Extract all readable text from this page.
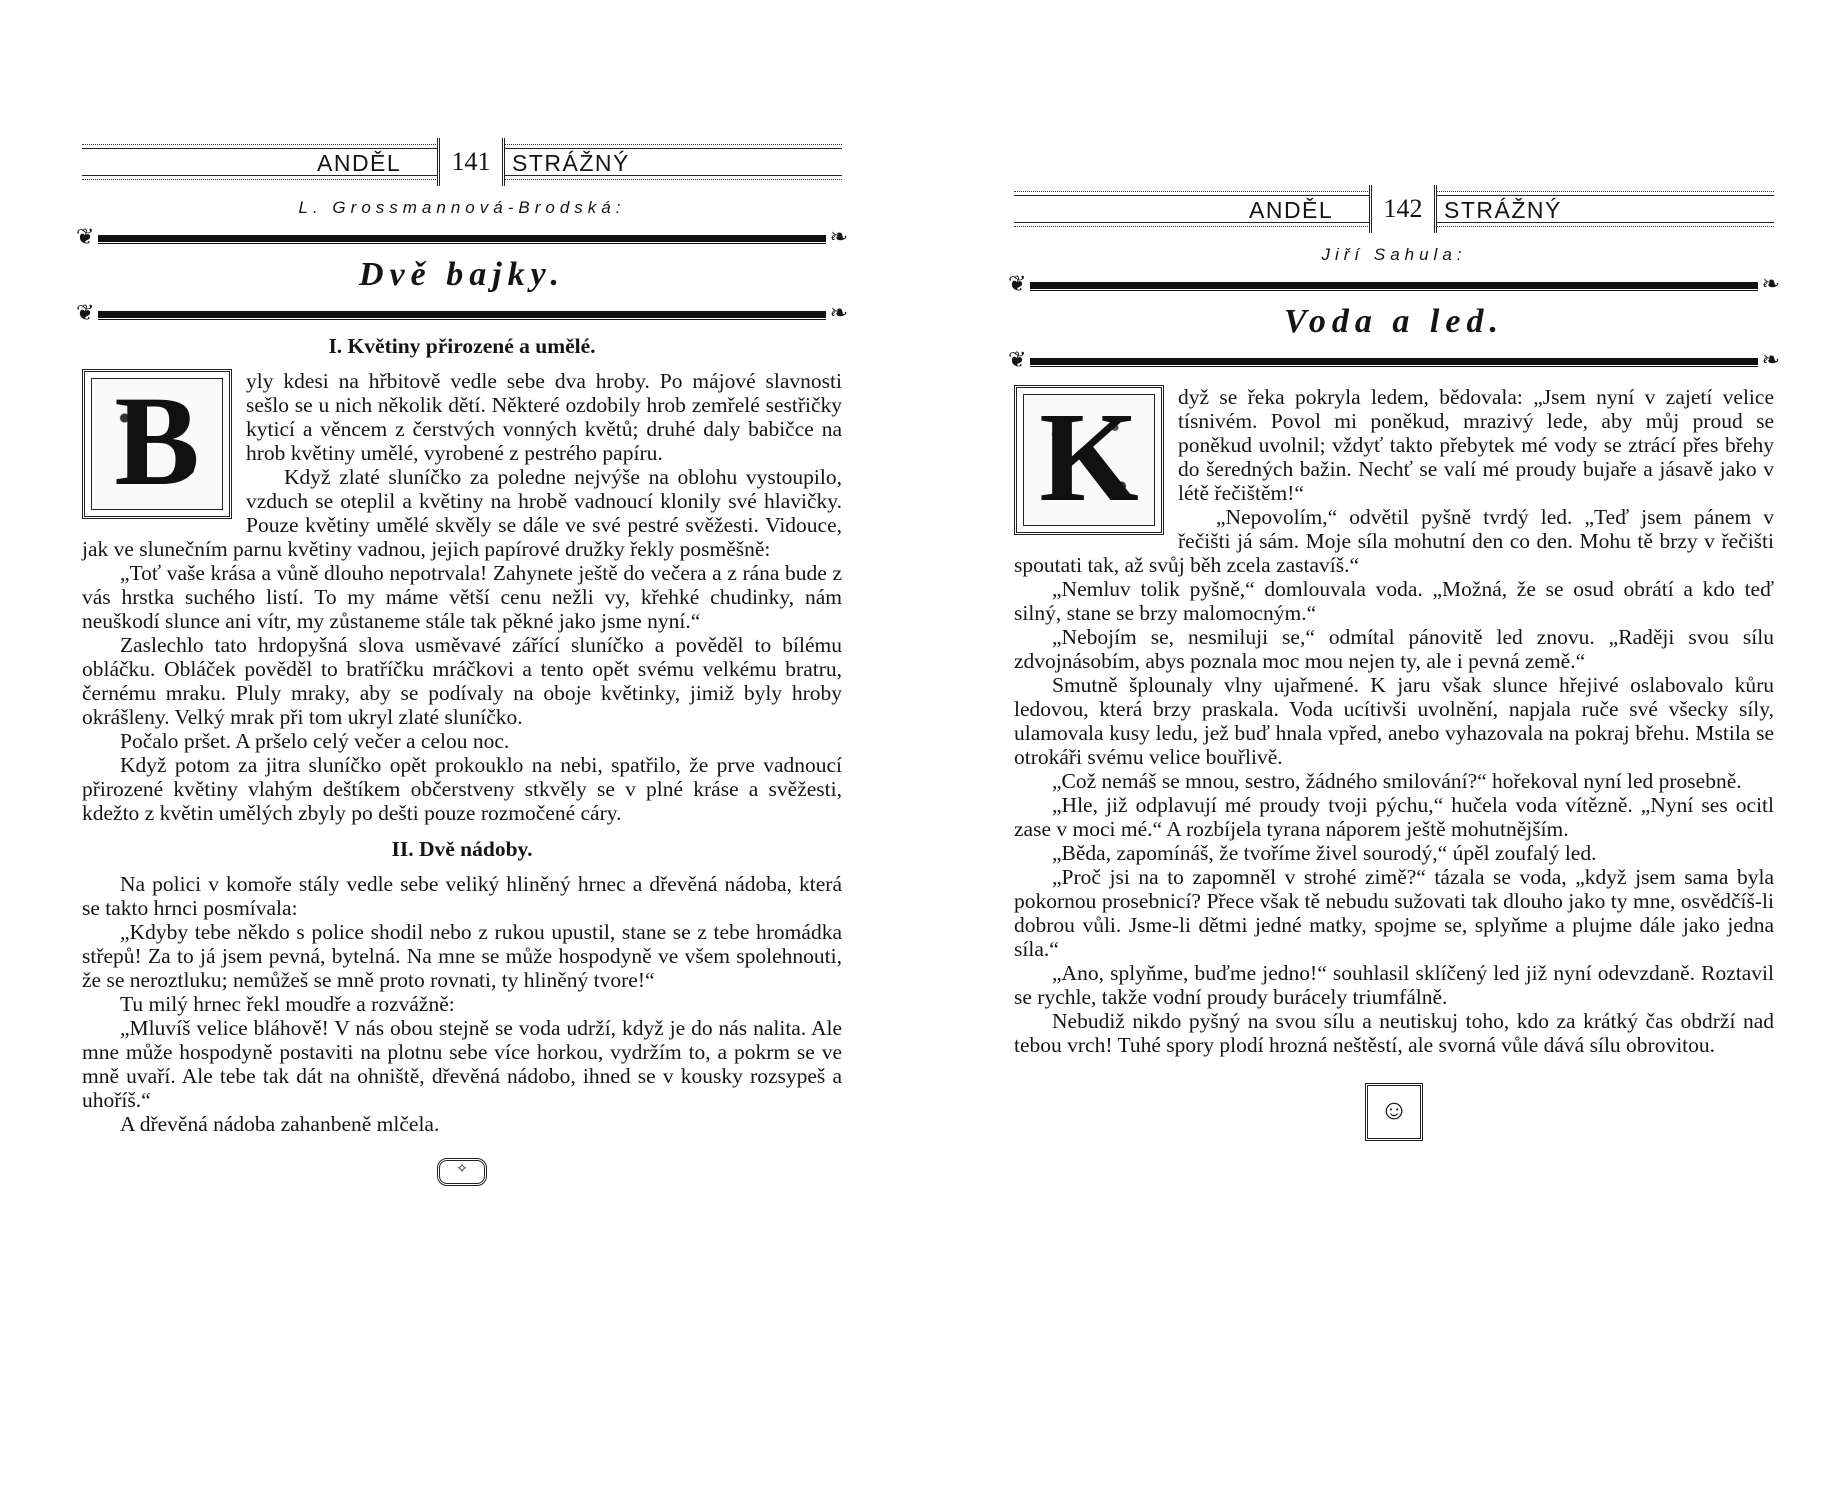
ANDĚL	141 STRÁŽNÝ
L. Grossmannová-Brodská:
❦	❧
Dvě bajky.
❦	❧
I. Květiny přirozené a umělé.
B	yly kdesi na hřbitově vedle sebe dva hroby. Po májové slavnosti sešlo se u nich několik dětí. Některé ozdobily hrob zemřelé sestřičky kyticí a věncem z čerstvých vonných květů; druhé daly babičce na hrob květiny umělé, vyrobené z pestrého papíru.

Když zlaté sluníčko za poledne nejvýše na oblohu vystoupilo, vzduch se oteplil a květiny na hrobě vadnoucí klonily své hlavičky. Pouze květiny umělé skvěly se dále ve své pestré svěžesti. Vidouce, jak ve slunečním parnu květiny vadnou, jejich papírové družky řekly posměšně:

„Toť vaše krása a vůně dlouho nepotrvala! Zahynete ještě do večera a z rána bude z vás hrstka suchého listí. To my máme větší cenu nežli vy, křehké chudinky, nám neuškodí slunce ani vítr, my zůstaneme stále tak pěkné jako jsme nyní.“

Zaslechlo tato hrdopyšná slova usměvavé zářící sluníčko a pověděl to bílému obláčku. Obláček pověděl to bratříčku mráčkovi a tento opět svému velkému bratru, černému mraku. Pluly mraky, aby se podívaly na oboje květinky, jimiž byly hroby okrášleny. Velký mrak při tom ukryl zlaté sluníčko.

Počalo pršet. A pršelo celý večer a celou noc.

Když potom za jitra sluníčko opět prokouklo na nebi, spatřilo, že prve vadnoucí přirozené květiny vlahým deštíkem občerstveny stkvěly se v plné kráse a svěžesti, kdežto z květin umělých zbyly po dešti pouze rozmočené cáry.

II. Dvě nádoby.

Na polici v komoře stály vedle sebe veliký hliněný hrnec a dřevěná nádoba, která se takto hrnci posmívala:

„Kdyby tebe někdo s police shodil nebo z rukou upustil, stane se z tebe hromádka střepů! Za to já jsem pevná, bytelná. Na mne se může hospodyně ve všem spolehnouti, že se neroztluku; nemůžeš se mně proto rovnati, ty hliněný tvore!“

Tu milý hrnec řekl moudře a rozvážně:

„Mluvíš velice bláhově! V nás obou stejně se voda udrží, když je do nás nalita. Ale mne může hospodyně postaviti na plotnu sebe více horkou, vydržím to, a pokrm se ve mně uvaří. Ale tebe tak dát na ohniště, dřevěná nádobo, ihned se v kousky rozsypeš a uhoříš.“

A dřevěná nádoba zahanbeně mlčela.

✧
ANDĚL	142 STRÁŽNÝ
Jiří Sahula:
❦	❧
Voda a led.
❦	❧
K	dyž se řeka pokryla ledem, bědovala: „Jsem nyní v zajetí velice tísnivém. Povol mi poněkud, mrazivý lede, aby můj proud se poněkud uvolnil; vždyť takto přebytek mé vody se ztrácí přes břehy do šeredných bažin. Nechť se valí mé proudy bujaře a jásavě jako v létě řečištěm!“

„Nepovolím,“ odvětil pyšně tvrdý led. „Teď jsem pánem v řečišti já sám. Moje síla mohutní den co den. Mohu tě brzy v řečišti spoutati tak, až svůj běh zcela zastavíš.“

„Nemluv tolik pyšně,“ domlouvala voda. „Možná, že se osud obrátí a kdo teď silný, stane se brzy malomocným.“

„Nebojím se, nesmiluji se,“ odmítal pánovitě led znovu. „Raději svou sílu zdvojnásobím, abys poznala moc mou nejen ty, ale i pevná země.“

Smutně šplounaly vlny ujařmené. K jaru však slunce hřejivé oslabovalo kůru ledovou, která brzy praskala. Voda ucítivši uvolnění, napjala ruče své všecky síly, ulamovala kusy ledu, jež buď hnala vpřed, anebo vyhazovala na pokraj břehu. Mstila se otrokáři svému velice bouřlivě.

„Což nemáš se mnou, sestro, žádného smilování?“ hořekoval nyní led prosebně.

„Hle, již odplavují mé proudy tvoji pýchu,“ hučela voda vítězně. „Nyní ses ocitl zase v moci mé.“ A rozbíjela tyrana náporem ještě mohutnějším.

„Běda, zapomínáš, že tvoříme živel sourodý,“ úpěl zoufalý led.

„Proč jsi na to zapomněl v strohé zimě?“ tázala se voda, „když jsem sama byla pokornou prosebnicí? Přece však tě nebudu sužovati tak dlouho jako ty mne, osvědčíš-li dobrou vůli. Jsme-li dětmi jedné matky, spojme se, splyňme a plujme dále jako jedna síla.“

„Ano, splyňme, buďme jedno!“ souhlasil sklíčený led již nyní odevzdaně. Roztavil se rychle, takže vodní proudy burácely triumfálně.

Nebudiž nikdo pyšný na svou sílu a neutiskuj toho, kdo za krátký čas obdrží nad tebou vrch! Tuhé spory plodí hrozná neštěstí, ale svorná vůle dává sílu obrovitou.

☺
